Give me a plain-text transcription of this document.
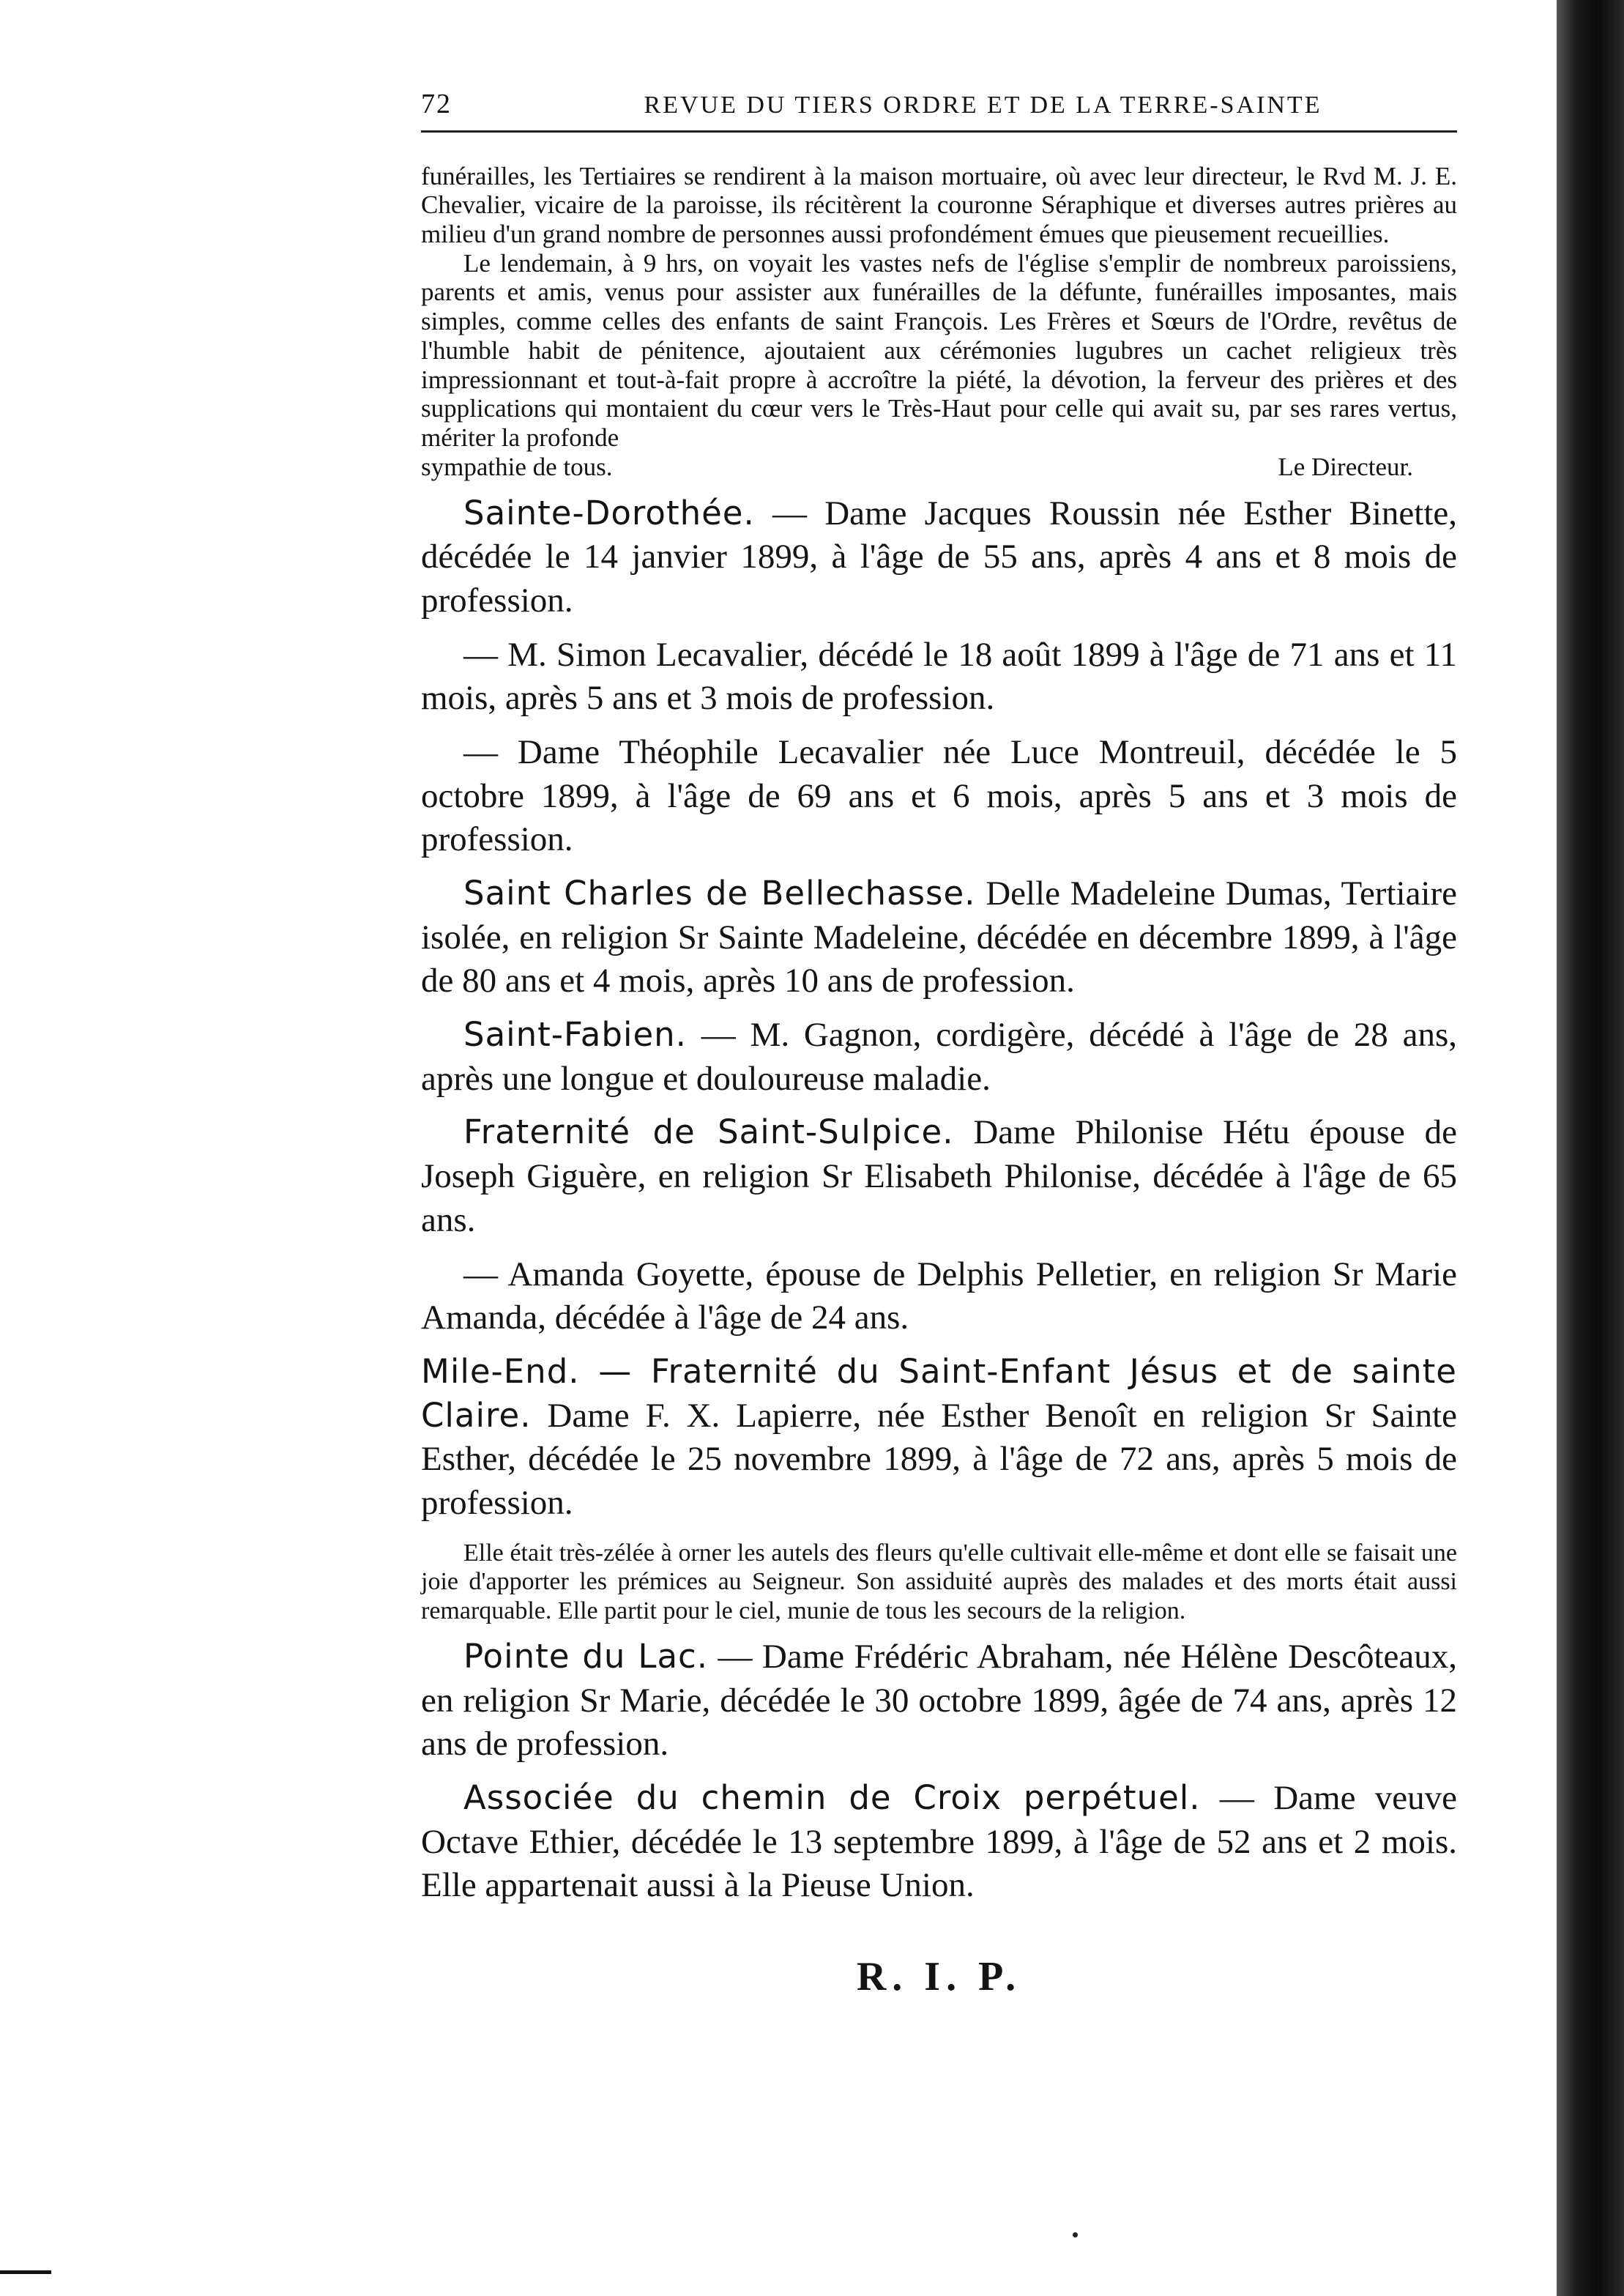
72	REVUE DU TIERS ORDRE ET DE LA TERRE-SAINTE

funérailles, les Tertiaires se rendirent à la maison mortuaire, où avec leur directeur, le Rvd M. J. E. Chevalier, vicaire de la paroisse, ils récitèrent la couronne Séraphique et diverses autres prières au milieu d'un grand nombre de personnes aussi profondément émues que pieusement recueillies.

Le lendemain, à 9 hrs, on voyait les vastes nefs de l'église s'emplir de nombreux paroissiens, parents et amis, venus pour assister aux funérailles de la défunte, funérailles imposantes, mais simples, comme celles des enfants de saint François. Les Frères et Sœurs de l'Ordre, revêtus de l'humble habit de pénitence, ajoutaient aux cérémonies lugubres un cachet religieux très impressionnant et tout-à-fait propre à accroître la piété, la dévotion, la ferveur des prières et des supplications qui montaient du cœur vers le Très-Haut pour celle qui avait su, par ses rares vertus, mériter la profonde

sympathie de tous.	Le Directeur.

Sainte-Dorothée. — Dame Jacques Roussin née Esther Binette, décédée le 14 janvier 1899, à l'âge de 55 ans, après 4 ans et 8 mois de profession.

— M. Simon Lecavalier, décédé le 18 août 1899 à l'âge de 71 ans et 11 mois, après 5 ans et 3 mois de profession.

— Dame Théophile Lecavalier née Luce Montreuil, décédée le 5 octobre 1899, à l'âge de 69 ans et 6 mois, après 5 ans et 3 mois de profession.

Saint Charles de Bellechasse. Delle Madeleine Dumas, Tertiaire isolée, en religion Sr Sainte Madeleine, décédée en décembre 1899, à l'âge de 80 ans et 4 mois, après 10 ans de profession.

Saint-Fabien. — M. Gagnon, cordigère, décédé à l'âge de 28 ans, après une longue et douloureuse maladie.

Fraternité de Saint-Sulpice. Dame Philonise Hétu épouse de Joseph Giguère, en religion Sr Elisabeth Philonise, décédée à l'âge de 65 ans.

— Amanda Goyette, épouse de Delphis Pelletier, en religion Sr Marie Amanda, décédée à l'âge de 24 ans.

Mile-End. — Fraternité du Saint-Enfant Jésus et de sainte Claire. Dame F. X. Lapierre, née Esther Benoît en religion Sr Sainte Esther, décédée le 25 novembre 1899, à l'âge de 72 ans, après 5 mois de profession.

Elle était très-zélée à orner les autels des fleurs qu'elle cultivait elle-même et dont elle se faisait une joie d'apporter les prémices au Seigneur. Son assiduité auprès des malades et des morts était aussi remarquable. Elle partit pour le ciel, munie de tous les secours de la religion.

Pointe du Lac. — Dame Frédéric Abraham, née Hélène Descôteaux, en religion Sr Marie, décédée le 30 octobre 1899, âgée de 74 ans, après 12 ans de profession.

Associée du chemin de Croix perpétuel. — Dame veuve Octave Ethier, décédée le 13 septembre 1899, à l'âge de 52 ans et 2 mois. Elle appartenait aussi à la Pieuse Union.

R. I. P.
